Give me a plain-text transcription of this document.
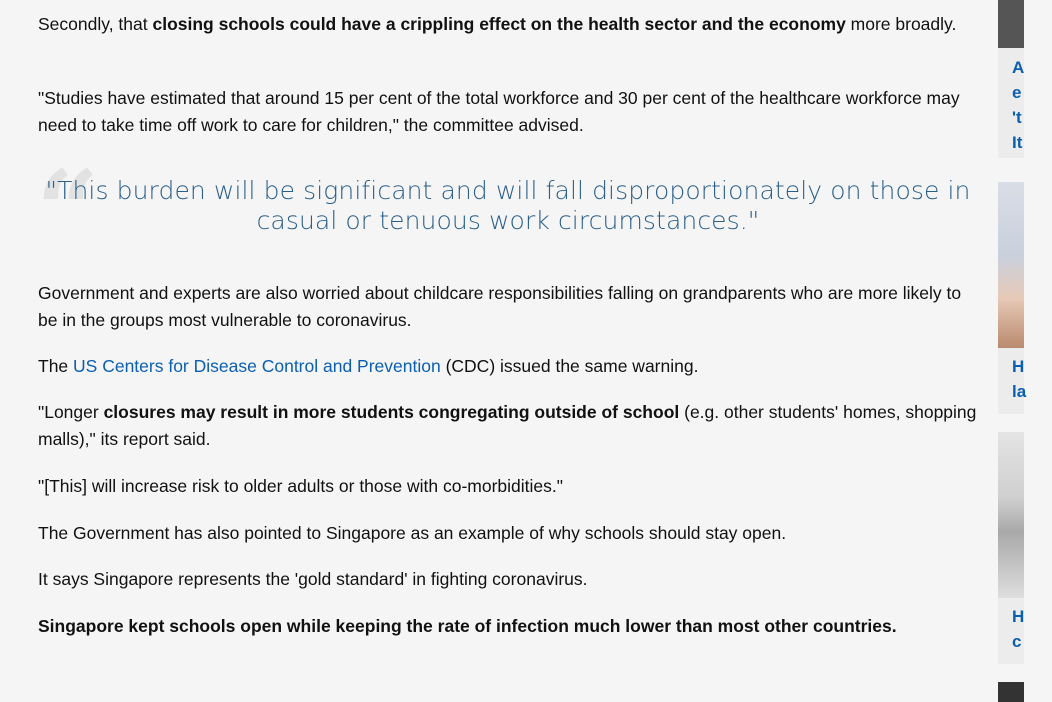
Secondly, that closing schools could have a crippling effect on the health sector and the economy more broadly.

"Studies have estimated that around 15 per cent of the total workforce and 30 per cent of the healthcare workforce may need to take time off work to care for children," the committee advised.

“
"This burden will be significant and will fall disproportionately on those in casual or tenuous work circumstances."

Government and experts are also worried about childcare responsibilities falling on grandparents who are more likely to be in the groups most vulnerable to coronavirus.

The US Centers for Disease Control and Prevention (CDC) issued the same warning.

"Longer closures may result in more students congregating outside of school (e.g. other students' homes, shopping malls)," its report said.

"[This] will increase risk to older adults or those with co-morbidities."

The Government has also pointed to Singapore as an example of why schools should stay open.

It says Singapore represents the 'gold standard' in fighting coronavirus.

Singapore kept schools open while keeping the rate of infection much lower than most other countries.

A
e
't
It
H
la
H
c
